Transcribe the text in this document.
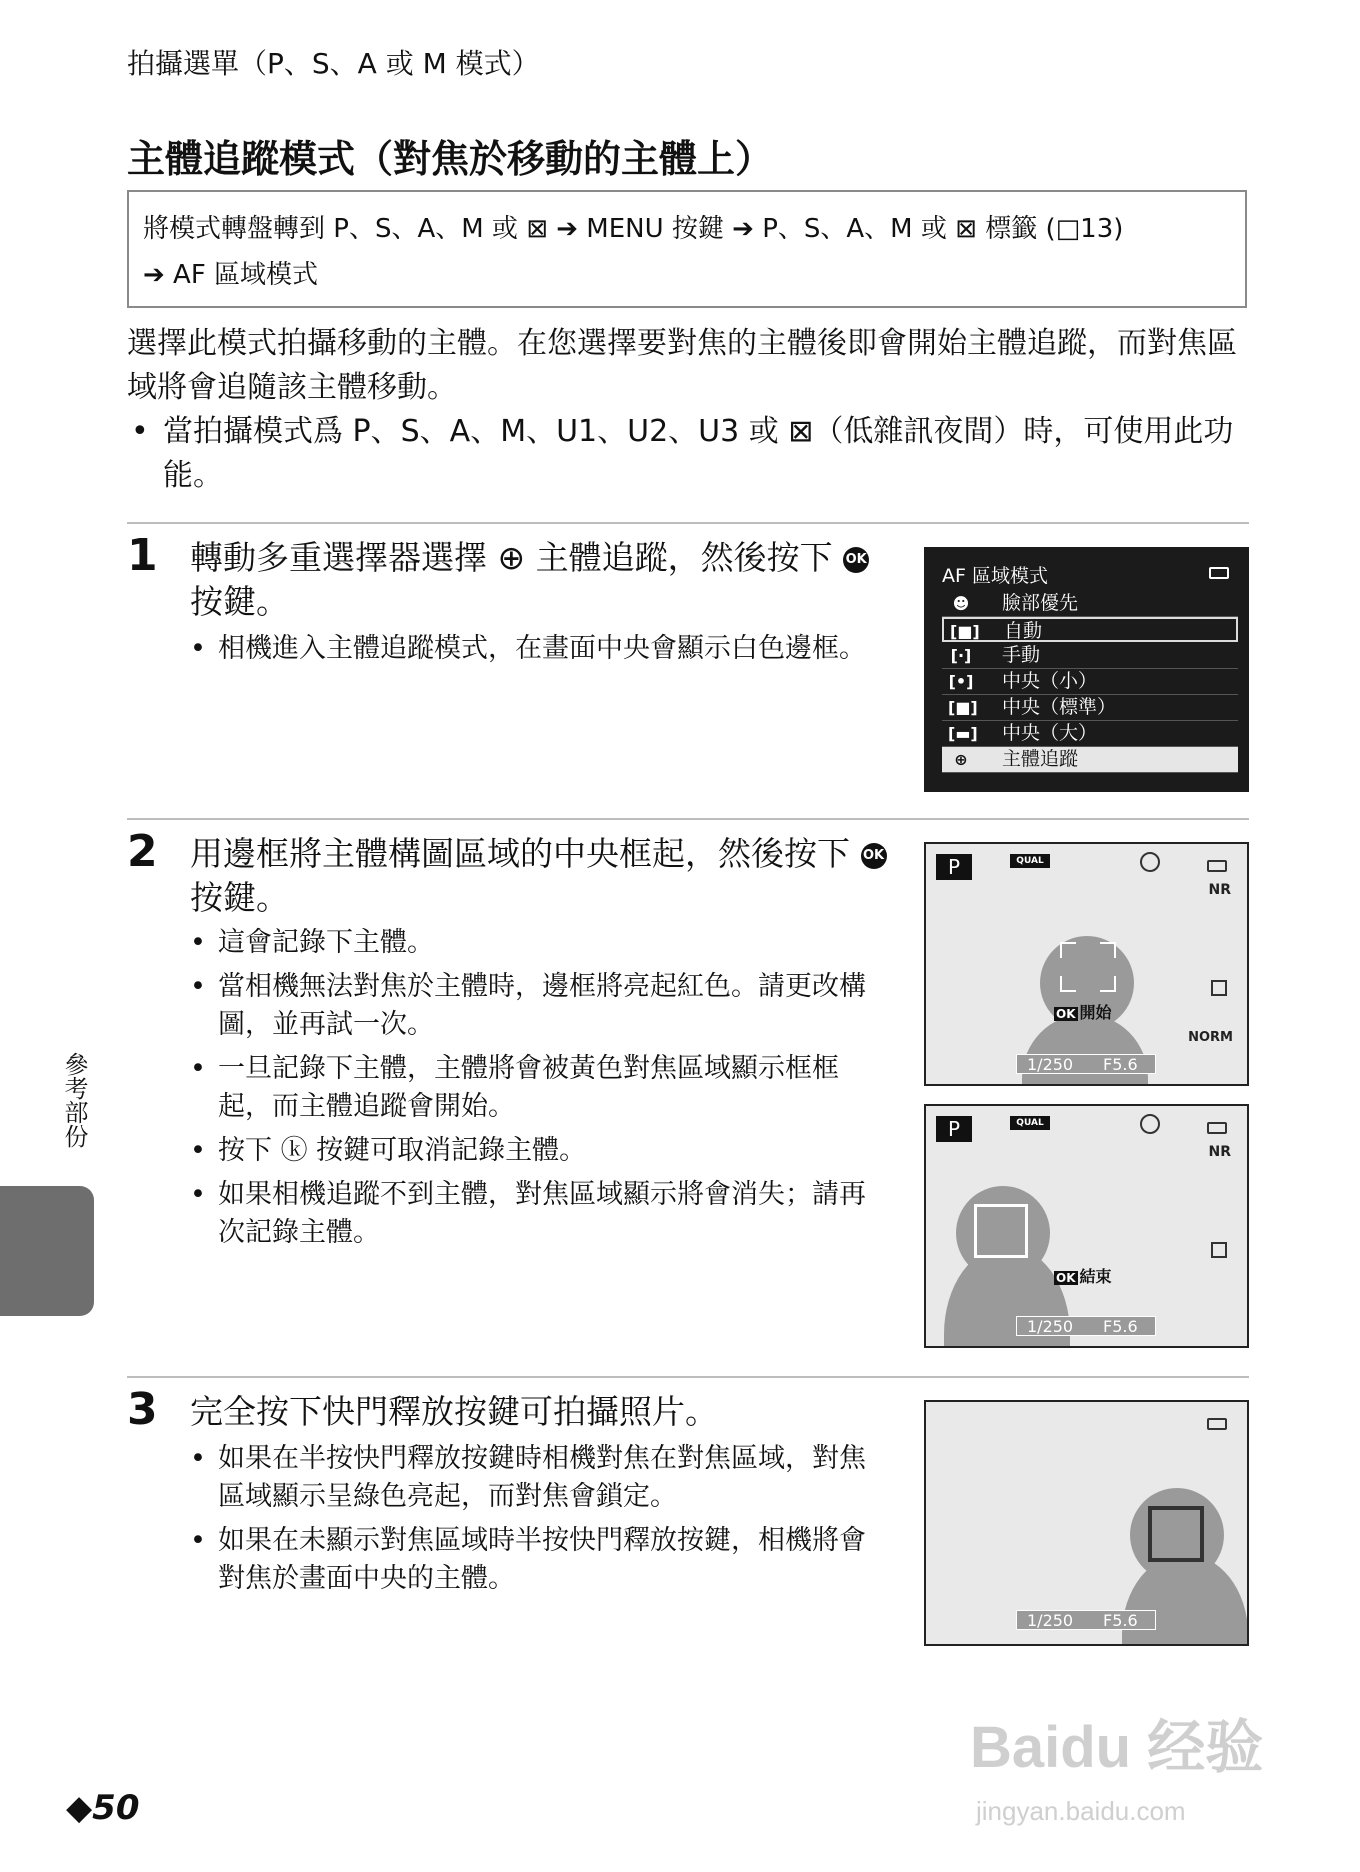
拍攝選單（P、S、A 或 M 模式）
主體追蹤模式（對焦於移動的主體上）
將模式轉盤轉到 P、S、A、M 或 ⊠ ➔ MENU 按鍵 ➔ P、S、A、M 或 ⊠ 標籤 (□13)
➔ AF 區域模式
選擇此模式拍攝移動的主體。在您選擇要對焦的主體後即會開始主體追蹤，而對焦區域將會追隨該主體移動。
• 當拍攝模式爲 P、S、A、M、U1、U2、U3 或 ⊠（低雜訊夜間）時，可使用此功能。
1 轉動多重選擇器選擇 ⊕ 主體追蹤，然後按下 OK 按鍵。
• 相機進入主體追蹤模式，在畫面中央會顯示白色邊框。
AF 區域模式
☻ 臉部優先
[■] 自動
[·] 手動
[•] 中央（小）
[■] 中央（標準）
[▬] 中央（大）
⊕	主體追蹤
2 用邊框將主體構圖區域的中央框起，然後按下 OK 按鍵。
• 這會記錄下主體。
• 當相機無法對焦於主體時，邊框將亮起紅色。請更改構圖，並再試一次。
• 一旦記錄下主體，主體將會被黃色對焦區域顯示框框起，而主體追蹤會開始。
• 按下 ⓚ 按鍵可取消記錄主體。
• 如果相機追蹤不到主體，對焦區域顯示將會消失；請再次記錄主體。
P	QUAL
NR
OK 開始
NORM
1/250 F5.6
P	QUAL
NR
OK 結束
1/250 F5.6
3 完全按下快門釋放按鍵可拍攝照片。
• 如果在半按快門釋放按鍵時相機對焦在對焦區域，對焦區域顯示呈綠色亮起，而對焦會鎖定。
• 如果在未顯示對焦區域時半按快門釋放按鍵，相機將會對焦於畫面中央的主體。
1/250 F5.6
參考部份
◆50
Baidu 经验
jingyan.baidu.com
